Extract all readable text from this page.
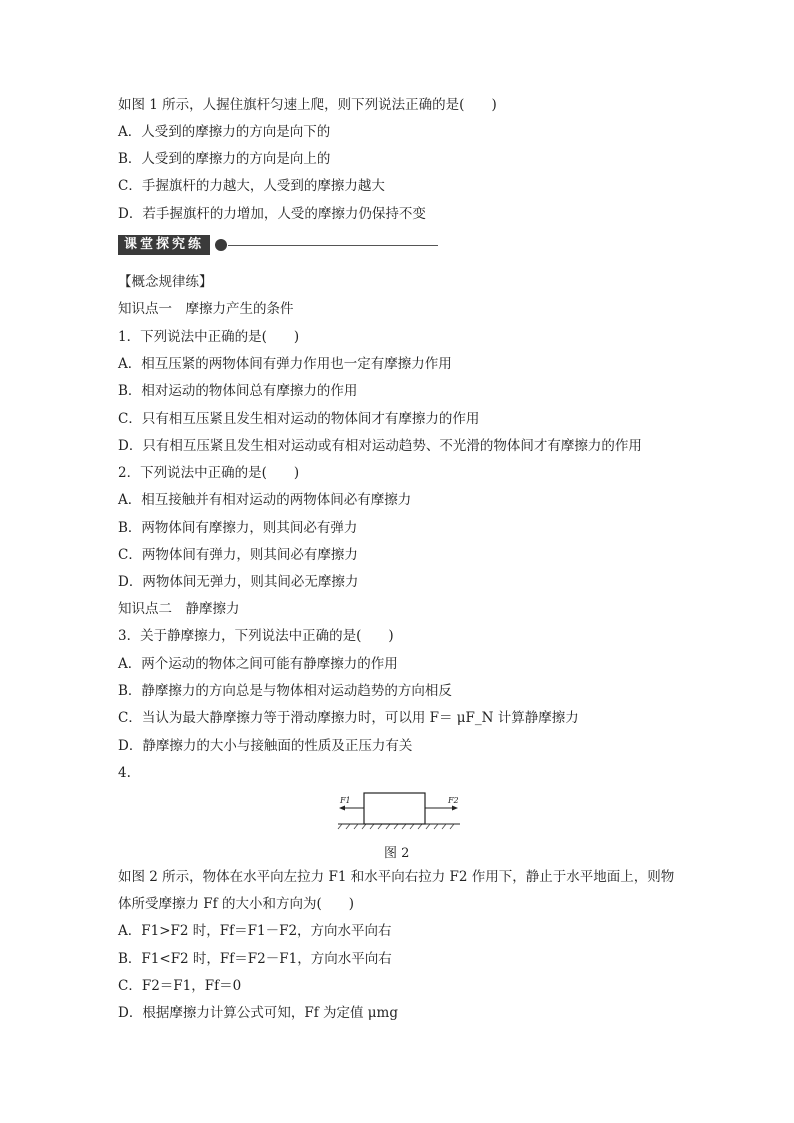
如图 1 所示，人握住旗杆匀速上爬，则下列说法正确的是(　　)
A．人受到的摩擦力的方向是向下的
B．人受到的摩擦力的方向是向上的
C．手握旗杆的力越大，人受到的摩擦力越大
D．若手握旗杆的力增加，人受的摩擦力仍保持不变
课堂探究练
【概念规律练】
知识点一　摩擦力产生的条件
1．下列说法中正确的是(　　)
A．相互压紧的两物体间有弹力作用也一定有摩擦力作用
B．相对运动的物体间总有摩擦力的作用
C．只有相互压紧且发生相对运动的物体间才有摩擦力的作用
D．只有相互压紧且发生相对运动或有相对运动趋势、不光滑的物体间才有摩擦力的作用
2．下列说法中正确的是(　　)
A．相互接触并有相对运动的两物体间必有摩擦力
B．两物体间有摩擦力，则其间必有弹力
C．两物体间有弹力，则其间必有摩擦力
D．两物体间无弹力，则其间必无摩擦力
知识点二　静摩擦力
3．关于静摩擦力，下列说法中正确的是(　　)
A．两个运动的物体之间可能有静摩擦力的作用
B．静摩擦力的方向总是与物体相对运动趋势的方向相反
C．当认为最大静摩擦力等于滑动摩擦力时，可以用 F＝ μF_N 计算静摩擦力
D．静摩擦力的大小与接触面的性质及正压力有关
4.
F1	F2
图 2
如图 2 所示，物体在水平向左拉力 F1 和水平向右拉力 F2 作用下，静止于水平地面上，则物
体所受摩擦力 Ff 的大小和方向为(　　)
A．F1>F2 时，Ff＝F1－F2，方向水平向右
B．F1<F2 时，Ff＝F2－F1，方向水平向右
C．F2＝F1，Ff＝0
D．根据摩擦力计算公式可知，Ff 为定值 μmg
